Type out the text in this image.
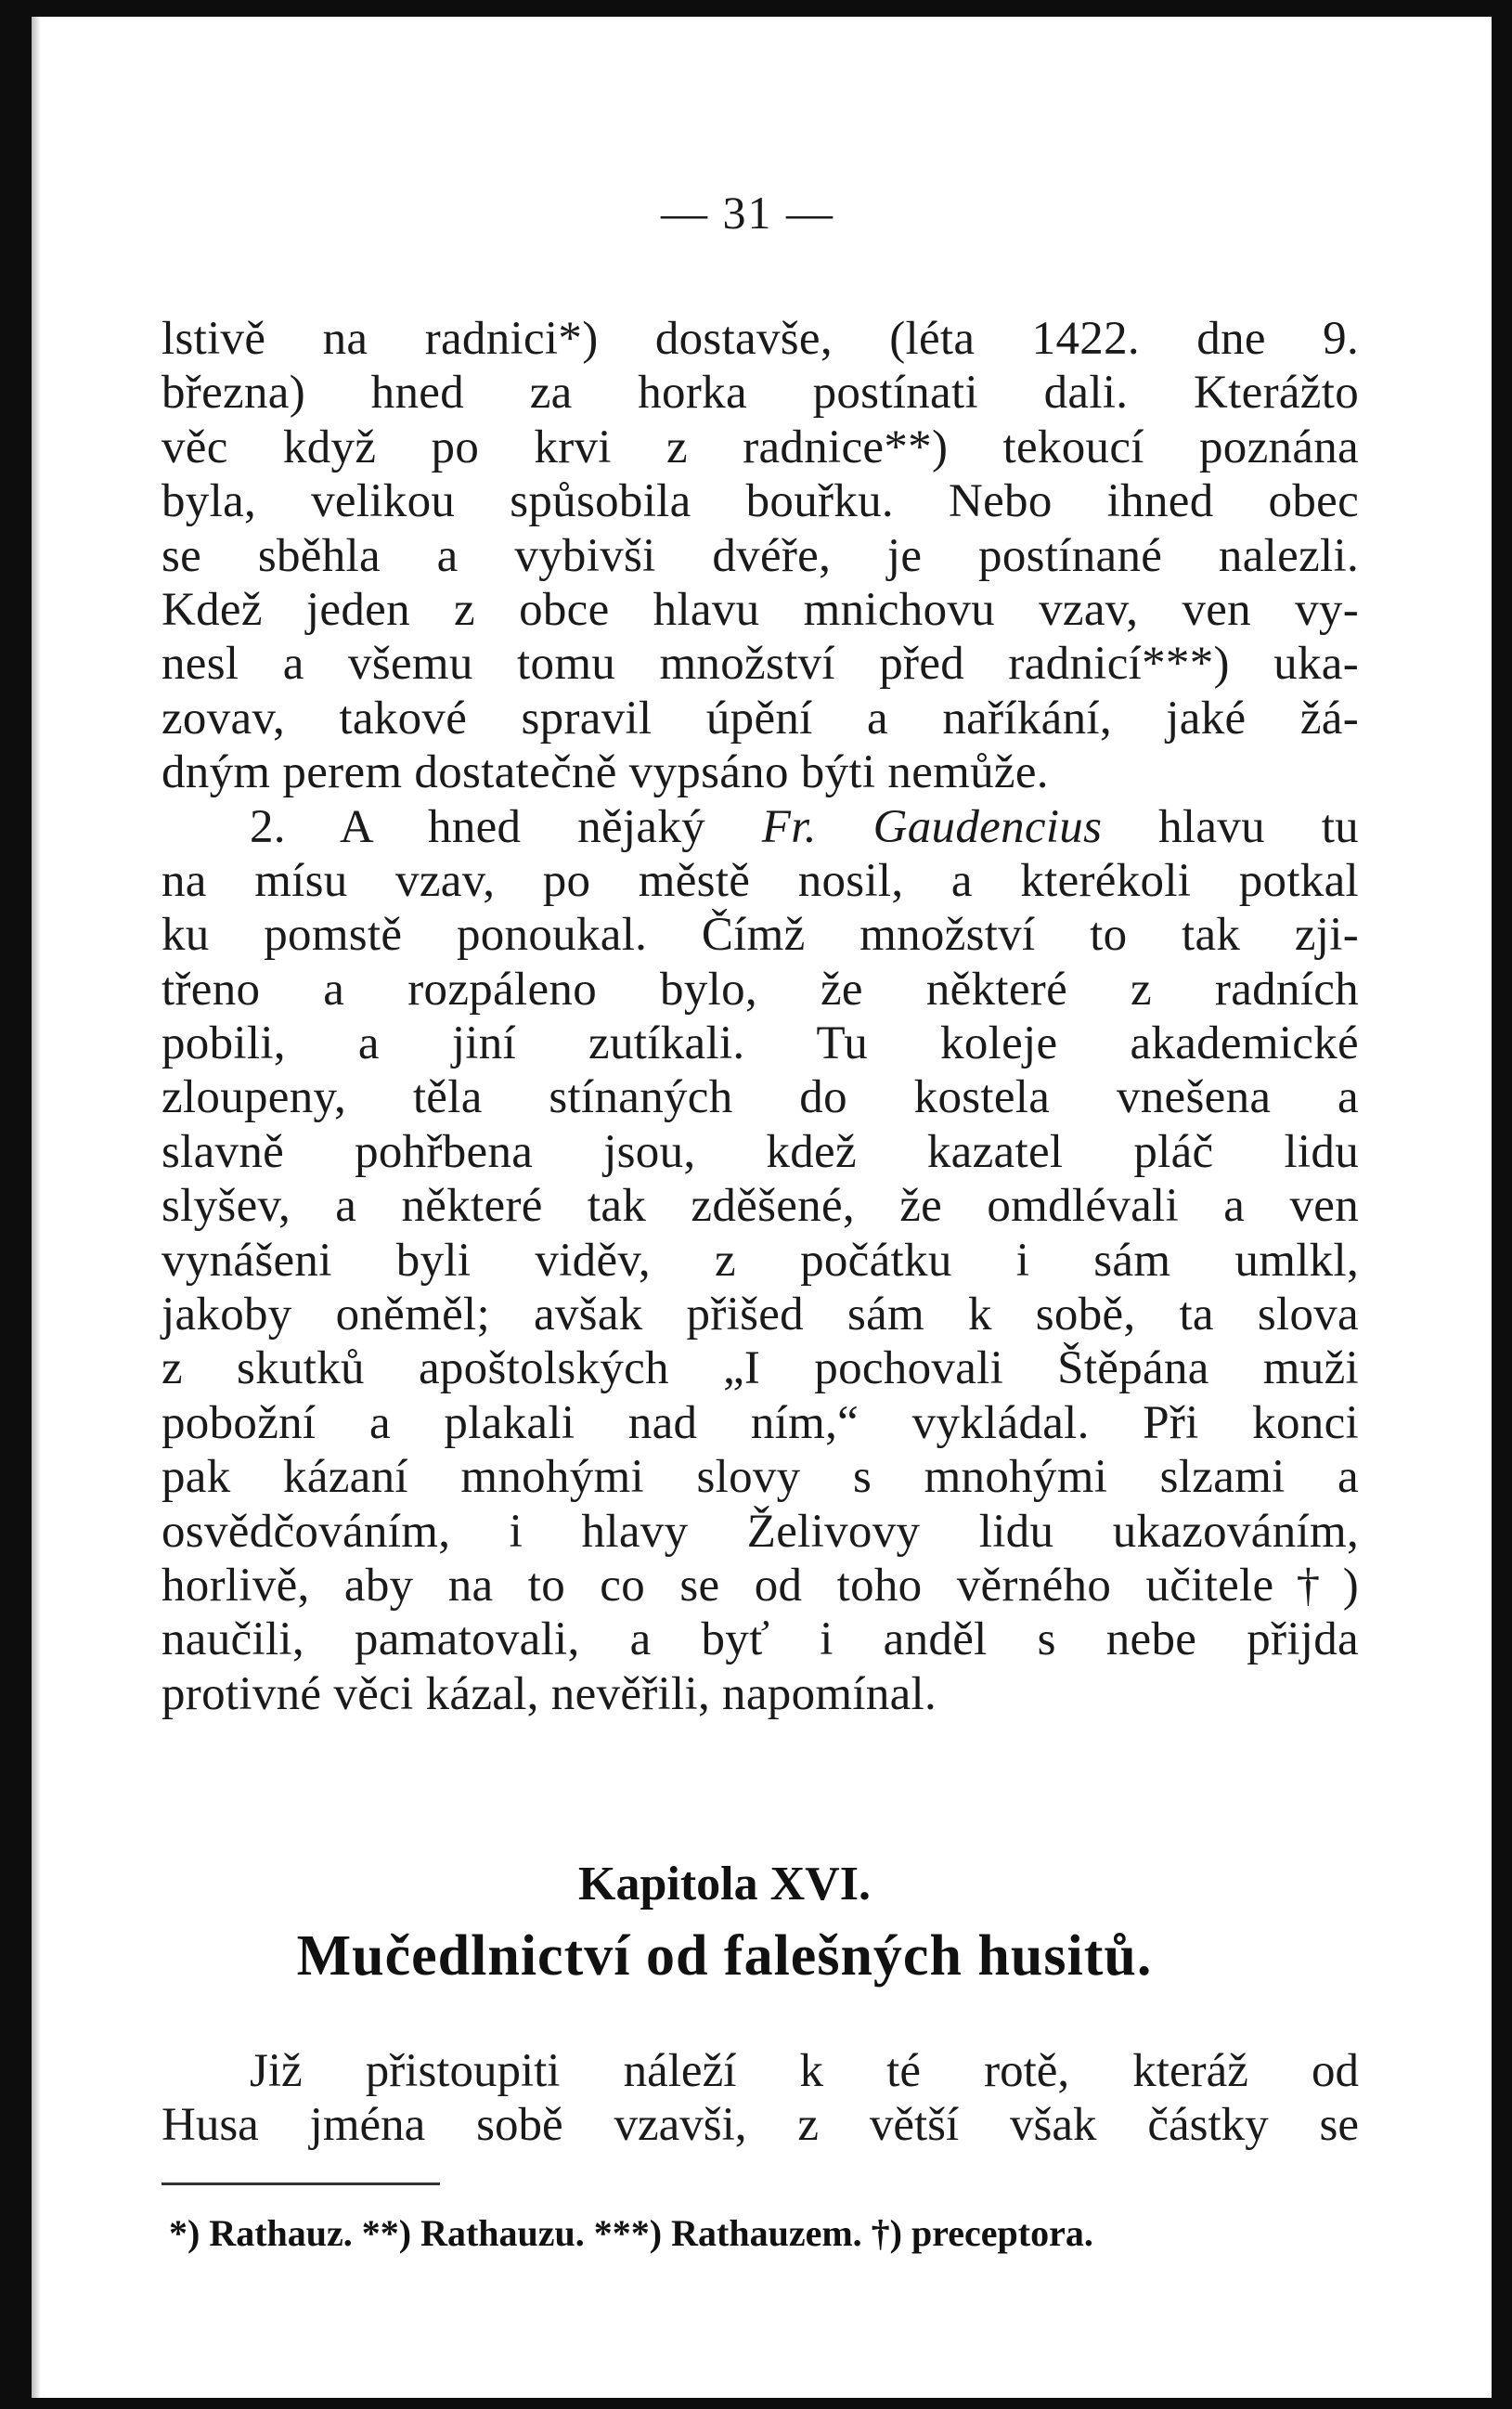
— 31 —
lstivě na radnici*) dostavše, (léta 1422. dne 9.
března) hned za horka postínati dali. Kterážto
věc když po krvi z radnice**) tekoucí poznána
byla, velikou spůsobila bouřku. Nebo ihned obec
se sběhla a vybivši dvéře, je postínané nalezli.
Kdež jeden z obce hlavu mnichovu vzav, ven vy-
nesl a všemu tomu množství před radnicí***) uka-
zovav, takové spravil úpění a naříkání, jaké žá-
dným perem dostatečně vypsáno býti nemůže.
2. A hned nějaký Fr. Gaudencius hlavu tu
na mísu vzav, po městě nosil, a kterékoli potkal
ku pomstě ponoukal. Čímž množství to tak zji-
třeno a rozpáleno bylo, že některé z radních
pobili, a jiní zutíkali. Tu koleje akademické
zloupeny, těla stínaných do kostela vnešena a
slavně pohřbena jsou, kdež kazatel pláč lidu
slyšev, a některé tak zděšené, že omdlévali a ven
vynášeni byli viděv, z počátku i sám umlkl,
jakoby oněměl; avšak přišed sám k sobě, ta slova
z skutků apoštolských „I pochovali Štěpána muži
pobožní a plakali nad ním,“ vykládal. Při konci
pak kázaní mnohými slovy s mnohými slzami a
osvědčováním, i hlavy Želivovy lidu ukazováním,
horlivě, aby na to co se od toho věrného učitele†)
naučili, pamatovali, a byť i anděl s nebe přijda
protivné věci kázal, nevěřili, napomínal.
Kapitola XVI.
Mučedlnictví od falešných husitů.
Již přistoupiti náleží k té rotě, kteráž od
Husa jména sobě vzavši, z větší však částky se
*) Rathauz. **) Rathauzu. ***) Rathauzem. †) preceptora.
